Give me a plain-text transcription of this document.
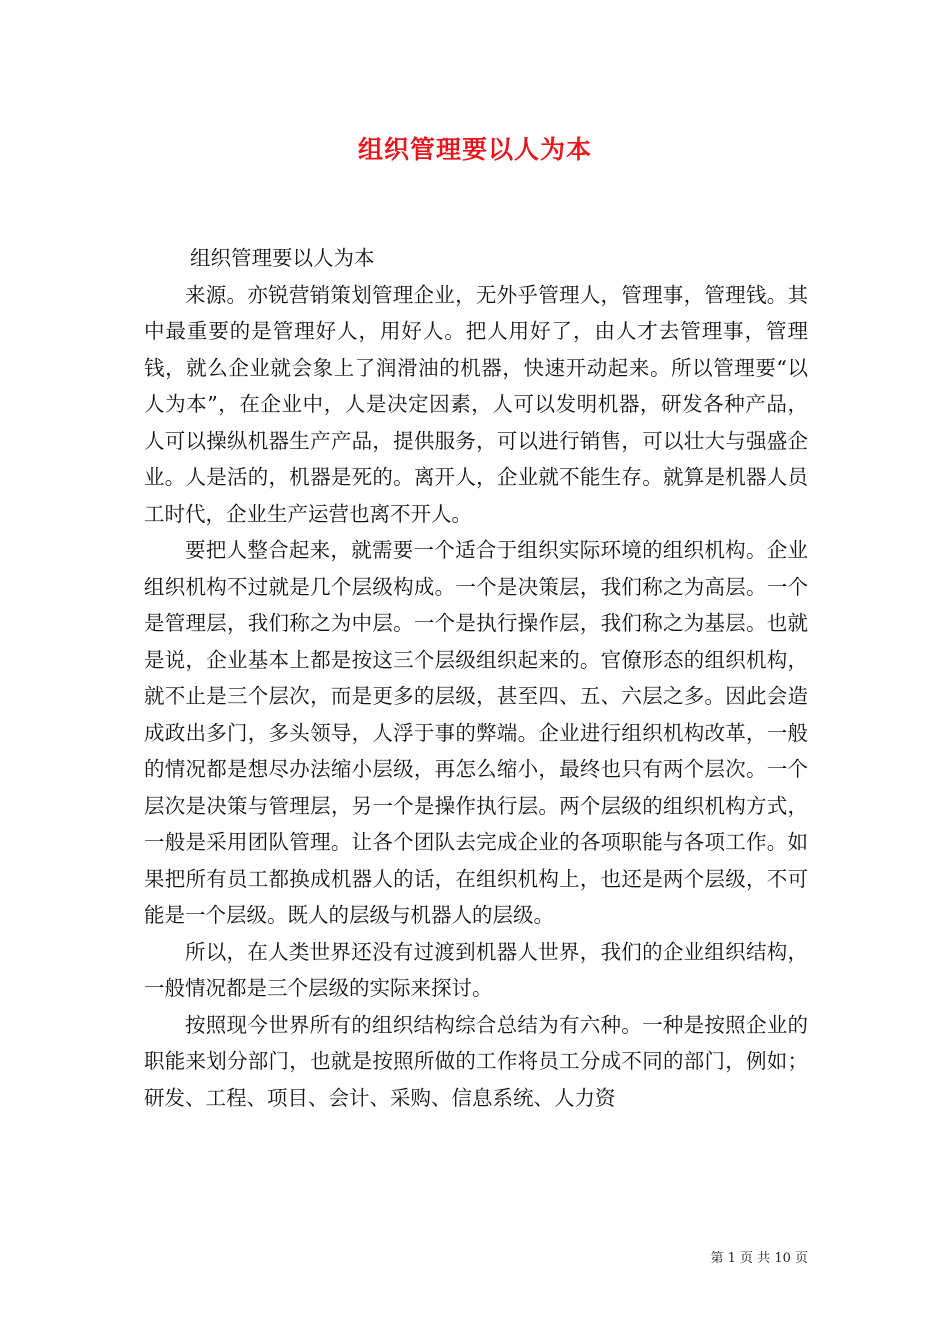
组织管理要以人为本

组织管理要以人为本

来源。亦锐营销策划管理企业，无外乎管理人，管理事，管理钱。其中最重要的是管理好人，用好人。把人用好了，由人才去管理事，管理钱，就么企业就会象上了润滑油的机器，快速开动起来。所以管理要“以人为本”，在企业中，人是决定因素，人可以发明机器，研发各种产品，人可以操纵机器生产产品，提供服务，可以进行销售，可以壮大与强盛企业。人是活的，机器是死的。离开人，企业就不能生存。就算是机器人员工时代，企业生产运营也离不开人。

要把人整合起来，就需要一个适合于组织实际环境的组织机构。企业组织机构不过就是几个层级构成。一个是决策层，我们称之为高层。一个是管理层，我们称之为中层。一个是执行操作层，我们称之为基层。也就是说，企业基本上都是按这三个层级组织起来的。官僚形态的组织机构，就不止是三个层次，而是更多的层级，甚至四、五、六层之多。因此会造成政出多门，多头领导，人浮于事的弊端。企业进行组织机构改革，一般的情况都是想尽办法缩小层级，再怎么缩小，最终也只有两个层次。一个层次是决策与管理层，另一个是操作执行层。两个层级的组织机构方式，一般是采用团队管理。让各个团队去完成企业的各项职能与各项工作。如果把所有员工都换成机器人的话，在组织机构上，也还是两个层级，不可能是一个层级。既人的层级与机器人的层级。

所以，在人类世界还没有过渡到机器人世界，我们的企业组织结构，一般情况都是三个层级的实际来探讨。

按照现今世界所有的组织结构综合总结为有六种。一种是按照企业的职能来划分部门，也就是按照所做的工作将员工分成不同的部门，例如；研发、工程、项目、会计、采购、信息系统、人力资

第 1 页 共 10 页
